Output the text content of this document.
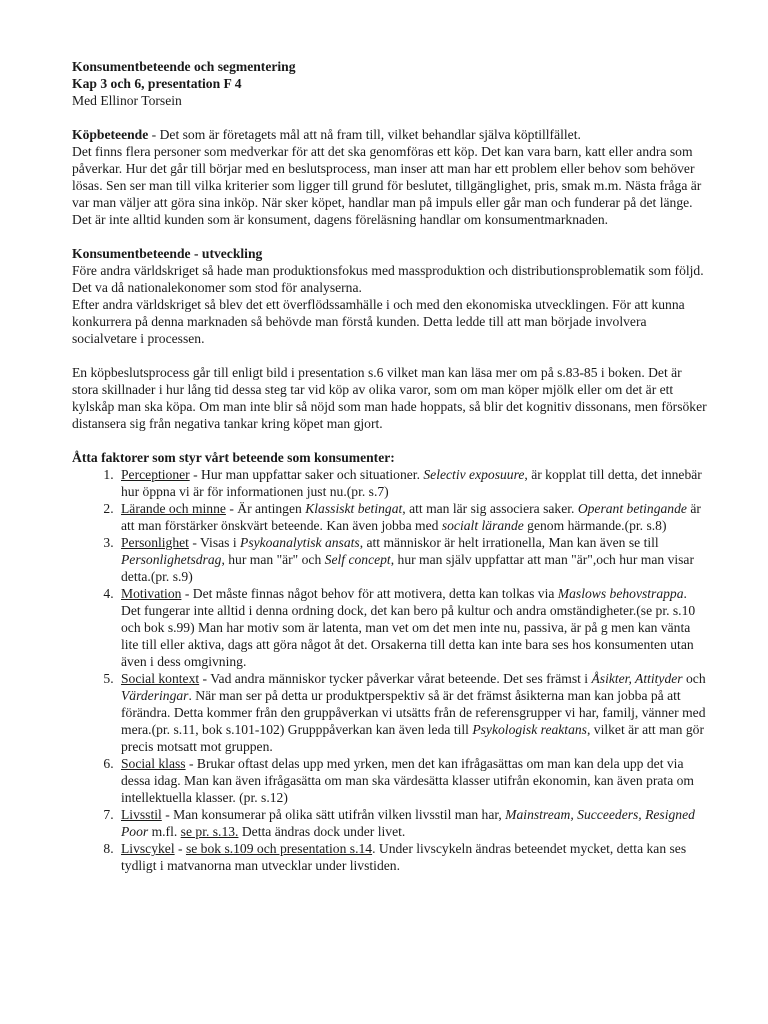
Konsumentbeteende och segmentering

Kap 3 och 6, presentation F 4

Med Ellinor Torsein

Köpbeteende - Det som är företagets mål att nå fram till, vilket behandlar själva köptillfället.

Det finns flera personer som medverkar för att det ska genomföras ett köp. Det kan vara barn, katt eller andra som påverkar. Hur det går till börjar med en beslutsprocess, man inser att man har ett problem eller behov som behöver lösas. Sen ser man till vilka kriterier som ligger till grund för beslutet, tillgänglighet, pris, smak m.m. Nästa fråga är var man väljer att göra sina inköp. När sker köpet, handlar man på impuls eller går man och funderar på det länge.

Det är inte alltid kunden som är konsument, dagens föreläsning handlar om konsumentmarknaden.

Konsumentbeteende - utveckling

Före andra världskriget så hade man produktionsfokus med massproduktion och distributionsproblematik som följd. Det va då nationalekonomer som stod för analyserna.

Efter andra världskriget så blev det ett överflödssamhälle i och med den ekonomiska utvecklingen. För att kunna konkurrera på denna marknaden så behövde man förstå kunden. Detta ledde till att man började involvera socialvetare i processen.

En köpbeslutsprocess går till enligt bild i presentation s.6 vilket man kan läsa mer om på s.83-85 i boken. Det är stora skillnader i hur lång tid dessa steg tar vid köp av olika varor, som om man köper mjölk eller om det är ett kylskåp man ska köpa. Om man inte blir så nöjd som man hade hoppats, så blir det kognitiv dissonans, men försöker distansera sig från negativa tankar kring köpet man gjort.

Åtta faktorer som styr vårt beteende som konsumenter:

1. Perceptioner - Hur man uppfattar saker och situationer. Selectiv exposuure, är kopplat till detta, det innebär hur öppna vi är för informationen just nu.(pr. s.7)
2. Lärande och minne - Är antingen Klassiskt betingat, att man lär sig associera saker. Operant betingande är att man förstärker önskvärt beteende. Kan även jobba med socialt lärande genom härmande.(pr. s.8)
3. Personlighet - Visas i Psykoanalytisk ansats, att människor är helt irrationella, Man kan även se till Personlighetsdrag, hur man "är" och Self concept, hur man själv uppfattar att man "är",och hur man visar detta.(pr. s.9)
4. Motivation - Det måste finnas något behov för att motivera, detta kan tolkas via Maslows behovstrappa. Det fungerar inte alltid i denna ordning dock, det kan bero på kultur och andra omständigheter.(se pr. s.10 och bok s.99) Man har motiv som är latenta, man vet om det men inte nu, passiva, är på g men kan vänta lite till eller aktiva, dags att göra något åt det. Orsakerna till detta kan inte bara ses hos konsumenten utan även i dess omgivning.
5. Social kontext - Vad andra människor tycker påverkar vårat beteende. Det ses främst i Åsikter, Attityder och Värderingar. När man ser på detta ur produktperspektiv så är det främst åsikterna man kan jobba på att förändra. Detta kommer från den gruppåverkan vi utsätts från de referensgrupper vi har, familj, vänner med mera.(pr. s.11, bok s.101-102) Grupppåverkan kan även leda till Psykologisk reaktans, vilket är att man gör precis motsatt mot gruppen.
6. Social klass - Brukar oftast delas upp med yrken, men det kan ifrågasättas om man kan dela upp det via dessa idag. Man kan även ifrågasätta om man ska värdesätta klasser utifrån ekonomin, kan även prata om intellektuella klasser. (pr. s.12)
7. Livsstil - Man konsumerar på olika sätt utifrån vilken livsstil man har, Mainstream, Succeeders, Resigned Poor m.fl. se pr. s.13. Detta ändras dock under livet.
8. Livscykel - se bok s.109 och presentation s.14. Under livscykeln ändras beteendet mycket, detta kan ses tydligt i matvanorna man utvecklar under livstiden.
